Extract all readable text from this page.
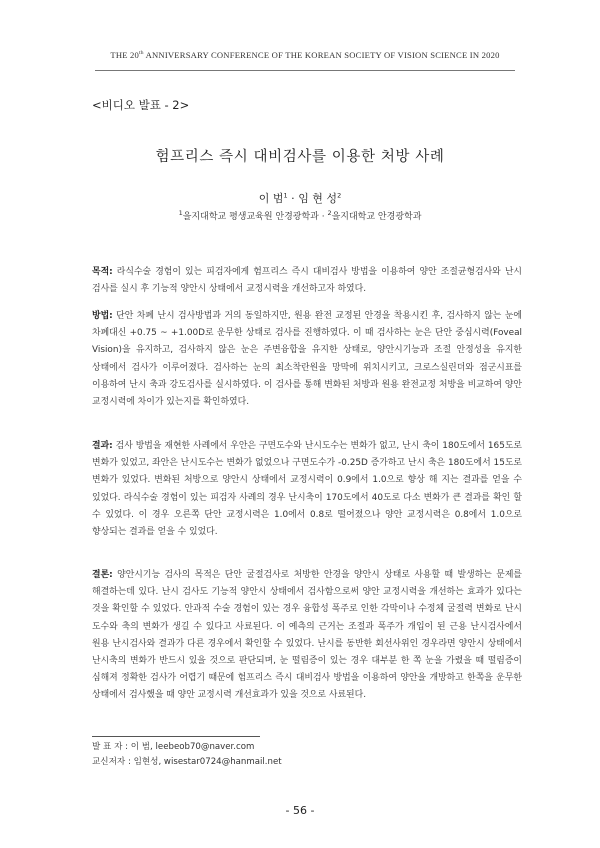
THE 20th ANNIVERSARY CONFERENCE OF THE KOREAN SOCIETY OF VISION SCIENCE IN 2020
<비디오 발표 - 2>
험프리스 즉시 대비검사를 이용한 처방 사례
이 범$^1$ · 임 현 성$^2$
$^1$을지대학교 평생교육원 안경광학과 · $^2$을지대학교 안경광학과
목적: 라식수술 경험이 있는 피검자에게 험프리스 즉시 대비검사 방법을 이용하여 양안 조절균형검사와 난시 검사를 실시 후 기능적 양안시 상태에서 교정시력을 개선하고자 하였다.
방법: 단안 차폐 난시 검사방법과 거의 동일하지만, 원용 완전 교정된 안경을 착용시킨 후, 검사하지 않는 눈에 차폐대신 +0.75 ~ +1.00D로 운무한 상태로 검사를 진행하였다. 이 때 검사하는 눈은 단안 중심시력(Foveal Vision)을 유지하고, 검사하지 않은 눈은 주변융합을 유지한 상태로, 양안시기능과 조절 안정성을 유지한 상태에서 검사가 이루어졌다. 검사하는 눈의 최소착란원을 망막에 위치시키고, 크로스실린더와 점군시표를 이용하여 난시 축과 강도검사를 실시하였다. 이 검사를 통해 변화된 처방과 원용 완전교정 처방을 비교하여 양안 교정시력에 차이가 있는지를 확인하였다.
결과: 검사 방법을 재현한 사례에서 우안은 구면도수와 난시도수는 변화가 없고, 난시 축이 180도에서 165도로 변화가 있었고, 좌안은 난시도수는 변화가 없었으나 구면도수가 -0.25D 증가하고 난시 축은 180도에서 15도로 변화가 있었다. 변화된 처방으로 양안시 상태에서 교정시력이 0.9에서 1.0으로 향상 해 지는 결과를 얻을 수 있었다. 라식수술 경험이 있는 피검자 사례의 경우 난시축이 170도에서 40도로 다소 변화가 큰 결과를 확인 할 수 있었다. 이 경우 오른쪽 단안 교정시력은 1.0에서 0.8로 떨어졌으나 양안 교정시력은 0.8에서 1.0으로 향상되는 결과를 얻을 수 있었다.
결론: 양안시기능 검사의 목적은 단안 굴절검사로 처방한 안경을 양안시 상태로 사용할 때 발생하는 문제를 해결하는데 있다. 난시 검사도 기능적 양안시 상태에서 검사함으로써 양안 교정시력을 개선하는 효과가 있다는 것을 확인할 수 있었다. 안과적 수술 경험이 있는 경우 융합성 폭주로 인한 각막이나 수정체 굴절력 변화로 난시 도수와 축의 변화가 생길 수 있다고 사료된다. 이 예측의 근거는 조절과 폭주가 개입이 된 근용 난시검사에서 원용 난시검사와 결과가 다른 경우에서 확인할 수 있었다. 난시를 동반한 회선사위인 경우라면 양안시 상태에서 난시축의 변화가 반드시 있을 것으로 판단되며, 눈 떨림증이 있는 경우 대부분 한 쪽 눈을 가렸을 때 떨림증이 심해져 정확한 검사가 어렵기 때문에 험프리스 즉시 대비검사 방법을 이용하여 양안을 개방하고 한쪽을 운무한 상태에서 검사했을 때 양안 교정시력 개선효과가 있을 것으로 사료된다.
발 표 자 : 이 범, leebeob70@naver.com
교신저자 : 임현성, wisestar0724@hanmail.net
- 56 -
